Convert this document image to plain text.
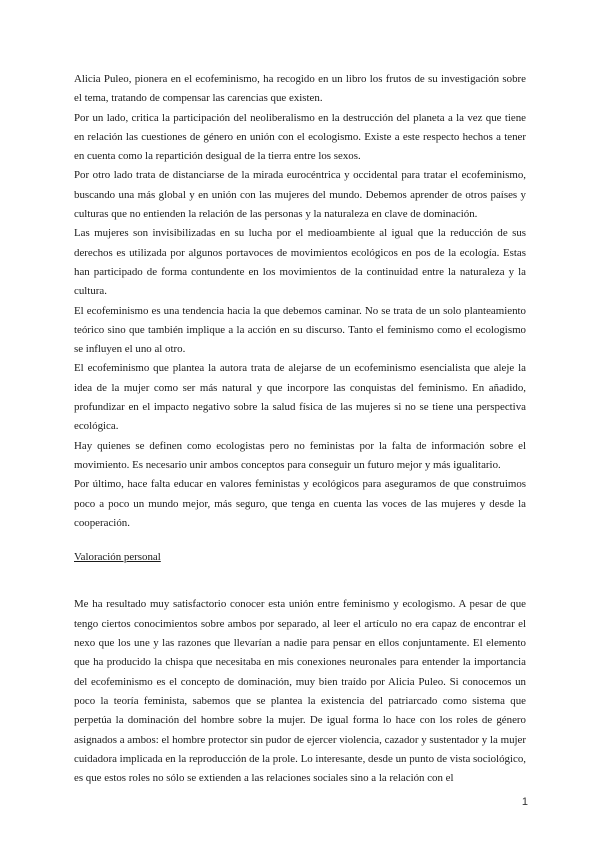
Alicia Puleo, pionera en el ecofeminismo, ha recogido en un libro los frutos de su investigación sobre el tema, tratando de compensar las carencias que existen.

Por un lado, critica la participación del neoliberalismo en la destrucción del planeta a la vez que tiene en relación las cuestiones de género en unión con el ecologismo. Existe a este respecto hechos a tener en cuenta como la repartición desigual de la tierra entre los sexos.

Por otro lado trata de distanciarse de la mirada eurocéntrica y occidental para tratar el ecofeminismo, buscando una más global y en unión con las mujeres del mundo. Debemos aprender de otros países y culturas que no entienden la relación de las personas y la naturaleza en clave de dominación.

Las mujeres son invisibilizadas en su lucha por el medioambiente al igual que la reducción de sus derechos es utilizada por algunos portavoces de movimientos ecológicos en pos de la ecología. Estas han participado de forma contundente en los movimientos de la continuidad entre la naturaleza y la cultura.

El ecofeminismo es una tendencia hacia la que debemos caminar. No se trata de un solo planteamiento teórico sino que también implique a la acción en su discurso. Tanto el feminismo como el ecologismo se influyen el uno al otro.

El ecofeminismo que plantea la autora trata de alejarse de un ecofeminismo esencialista que aleje la idea de la mujer como ser más natural y que incorpore las conquistas del feminismo. En añadido, profundizar en el impacto negativo sobre la salud física de las mujeres si no se tiene una perspectiva ecológica.

Hay quienes se definen como ecologistas pero no feministas por la falta de información sobre el movimiento. Es necesario unir ambos conceptos para conseguir un futuro mejor y más igualitario.

Por último, hace falta educar en valores feministas y ecológicos para aseguramos de que construimos poco a poco un mundo mejor, más seguro, que tenga en cuenta las voces de las mujeres y desde la cooperación.

Valoración personal

Me ha resultado muy satisfactorio conocer esta unión entre feminismo y ecologismo. A pesar de que tengo ciertos conocimientos sobre ambos por separado, al leer el artículo no era capaz de encontrar el nexo que los une y las razones que llevarían a nadie para pensar en ellos conjuntamente. El elemento que ha producido la chispa que necesitaba en mis conexiones neuronales para entender la importancia del ecofeminismo es el concepto de dominación, muy bien traído por Alicia Puleo. Si conocemos un poco la teoría feminista, sabemos que se plantea la existencia del patriarcado como sistema que perpetúa la dominación del hombre sobre la mujer. De igual forma lo hace con los roles de género asignados a ambos: el hombre protector sin pudor de ejercer violencia, cazador y sustentador y la mujer cuidadora implicada en la reproducción de la prole. Lo interesante, desde un punto de vista sociológico, es que estos roles no sólo se extienden a las relaciones sociales sino a la relación con el

1
